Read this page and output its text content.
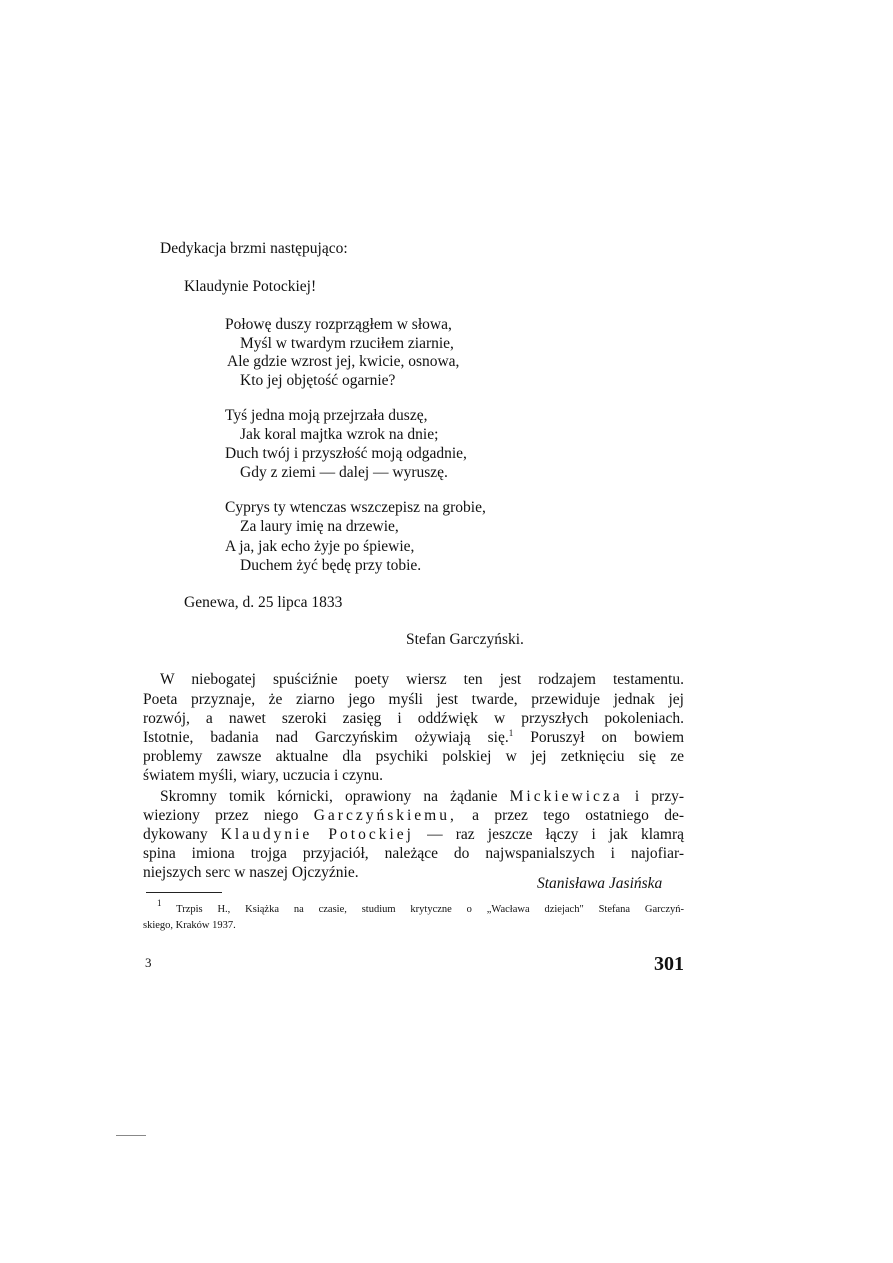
Dedykacja brzmi następująco:
Klaudynie Potockiej!
Połowę duszy rozprzągłem w słowa,
Myśl w twardym rzuciłem ziarnie,
Ale gdzie wzrost jej, kwicie, osnowa,
Kto jej objętość ogarnie?
Tyś jedna moją przejrzała duszę,
Jak koral majtka wzrok na dnie;
Duch twój i przyszłość moją odgadnie,
Gdy z ziemi — dalej — wyruszę.
Cyprys ty wtenczas wszczepisz na grobie,
Za laury imię na drzewie,
A ja, jak echo żyje po śpiewie,
Duchem żyć będę przy tobie.
Genewa, d. 25 lipca 1833
Stefan Garczyński.
W niebogatej spuściźnie poety wiersz ten jest rodzajem testamentu.
Poeta przyznaje, że ziarno jego myśli jest twarde, przewiduje jednak jej
rozwój, a nawet szeroki zasięg i oddźwięk w przyszłych pokoleniach.
Istotnie, badania nad Garczyńskim ożywiają się.$^1$ Poruszył on bowiem
problemy zawsze aktualne dla psychiki polskiej w jej zetknięciu się ze
światem myśli, wiary, uczucia i czynu.
Skromny tomik kórnicki, oprawiony na żądanie Mickiewicza i przy-
wieziony przez niego Garczyńskiemu, a przez tego ostatniego de-
dykowany Klaudynie Potockiej — raz jeszcze łączy i jak klamrą
spina imiona trojga przyjaciół, należące do najwspanialszych i najofiar-
niejszych serc w naszej Ojczyźnie.
Stanisława Jasińska
$^1$ Trzpis H., Książka na czasie, studium krytyczne o „Wacława dziejach" Stefana Garczyń-
skiego, Kraków 1937.
3	301
